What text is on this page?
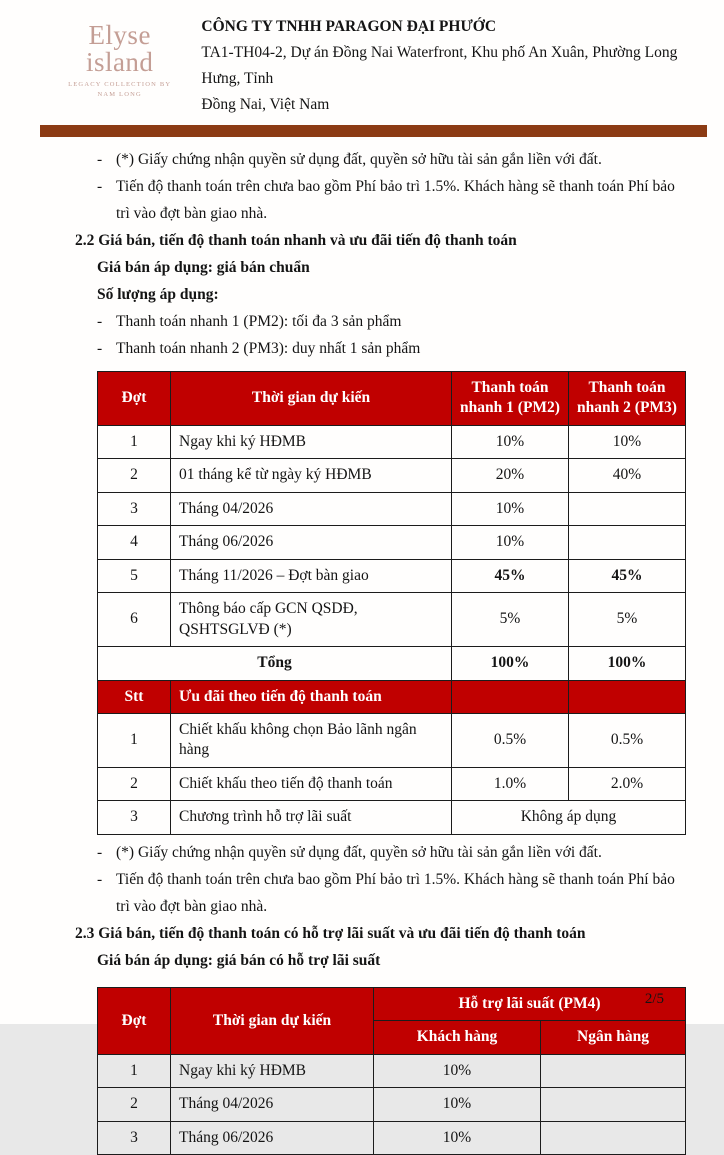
Elyse island
LEGACY COLLECTION BY
NAM LONG
CÔNG TY TNHH PARAGON ĐẠI PHƯỚC
TA1-TH04-2, Dự án Đồng Nai Waterfront, Khu phố An Xuân, Phường Long Hưng, Tỉnh
Đồng Nai, Việt Nam
- (*) Giấy chứng nhận quyền sử dụng đất, quyền sở hữu tài sản gắn liền với đất.
- Tiến độ thanh toán trên chưa bao gồm Phí bảo trì 1.5%. Khách hàng sẽ thanh toán Phí bảo trì vào đợt bàn giao nhà.
2.2 Giá bán, tiến độ thanh toán nhanh và ưu đãi tiến độ thanh toán
Giá bán áp dụng: giá bán chuẩn
Số lượng áp dụng:
- Thanh toán nhanh 1 (PM2): tối đa 3 sản phẩm
- Thanh toán nhanh 2 (PM3): duy nhất 1 sản phẩm
Đợt	Thời gian dự kiến	Thanh toán nhanh 1 (PM2)	Thanh toán nhanh 2 (PM3)
1	Ngay khi ký HĐMB	10%	10%
2	01 tháng kể từ ngày ký HĐMB	20%	40%
3	Tháng 04/2026	10%	
4	Tháng 06/2026	10%	
5	Tháng 11/2026 – Đợt bàn giao	45%	45%
6	Thông báo cấp GCN QSDĐ, QSHTSGLVĐ (*)	5%	5%
Tổng		100%	100%
Stt	Ưu đãi theo tiến độ thanh toán		
1	Chiết khấu không chọn Bảo lãnh ngân hàng	0.5%	0.5%
2	Chiết khấu theo tiến độ thanh toán	1.0%	2.0%
3	Chương trình hỗ trợ lãi suất	Không áp dụng	
- (*) Giấy chứng nhận quyền sử dụng đất, quyền sở hữu tài sản gắn liền với đất.
- Tiến độ thanh toán trên chưa bao gồm Phí bảo trì 1.5%. Khách hàng sẽ thanh toán Phí bảo trì vào đợt bàn giao nhà.
2.3 Giá bán, tiến độ thanh toán có hỗ trợ lãi suất và ưu đãi tiến độ thanh toán
Giá bán áp dụng: giá bán có hỗ trợ lãi suất
Đợt	Thời gian dự kiến	Hỗ trợ lãi suất (PM4)	
		Khách hàng	Ngân hàng
1	Ngay khi ký HĐMB	10%	
2	Tháng 04/2026	10%	
3	Tháng 06/2026	10%	
2/5
